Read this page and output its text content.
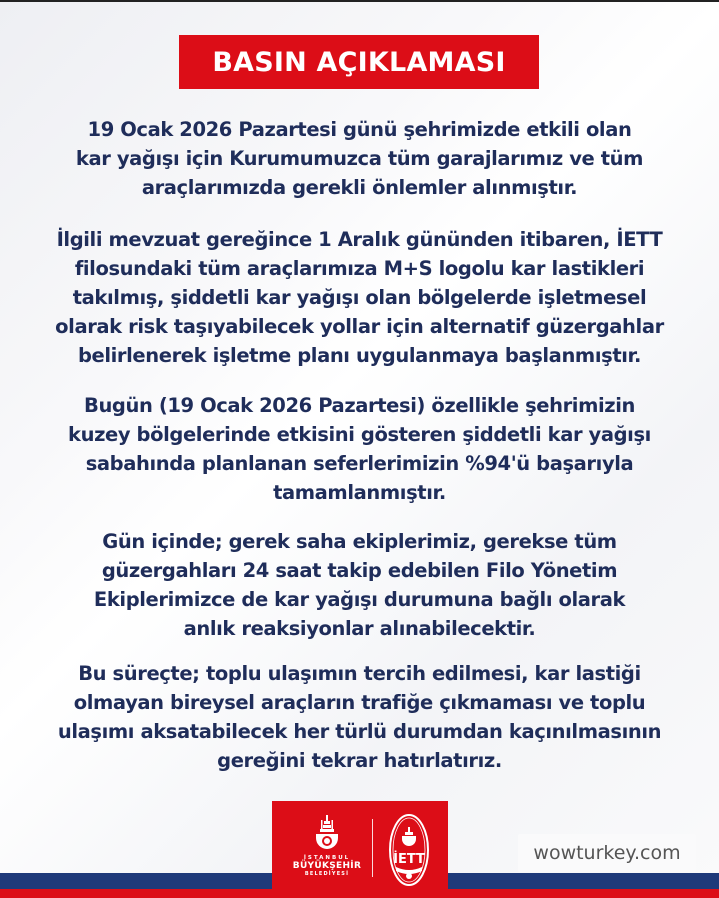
BASIN AÇIKLAMASI

19 Ocak 2026 Pazartesi günü şehrimizde etkili olan
kar yağışı için Kurumumuzca tüm garajlarımız ve tüm
araçlarımızda gerekli önlemler alınmıştır.

İlgili mevzuat gereğince 1 Aralık gününden itibaren, İETT
filosundaki tüm araçlarımıza M+S logolu kar lastikleri
takılmış, şiddetli kar yağışı olan bölgelerde işletmesel
olarak risk taşıyabilecek yollar için alternatif güzergahlar
belirlenerek işletme planı uygulanmaya başlanmıştır.

Bugün (19 Ocak 2026 Pazartesi) özellikle şehrimizin
kuzey bölgelerinde etkisini gösteren şiddetli kar yağışı
sabahında planlanan seferlerimizin %94'ü başarıyla
tamamlanmıştır.

Gün içinde; gerek saha ekiplerimiz, gerekse tüm
güzergahları 24 saat takip edebilen Filo Yönetim
Ekiplerimizce de kar yağışı durumuna bağlı olarak
anlık reaksiyonlar alınabilecektir.

Bu süreçte; toplu ulaşımın tercih edilmesi, kar lastiği
olmayan bireysel araçların trafiğe çıkmaması ve toplu
ulaşımı aksatabilecek her türlü durumdan kaçınılmasının
gereğini tekrar hatırlatırız.

İSTANBUL
BÜYÜKŞEHİR
BELEDİYESİ
İETT	wowturkey.com
